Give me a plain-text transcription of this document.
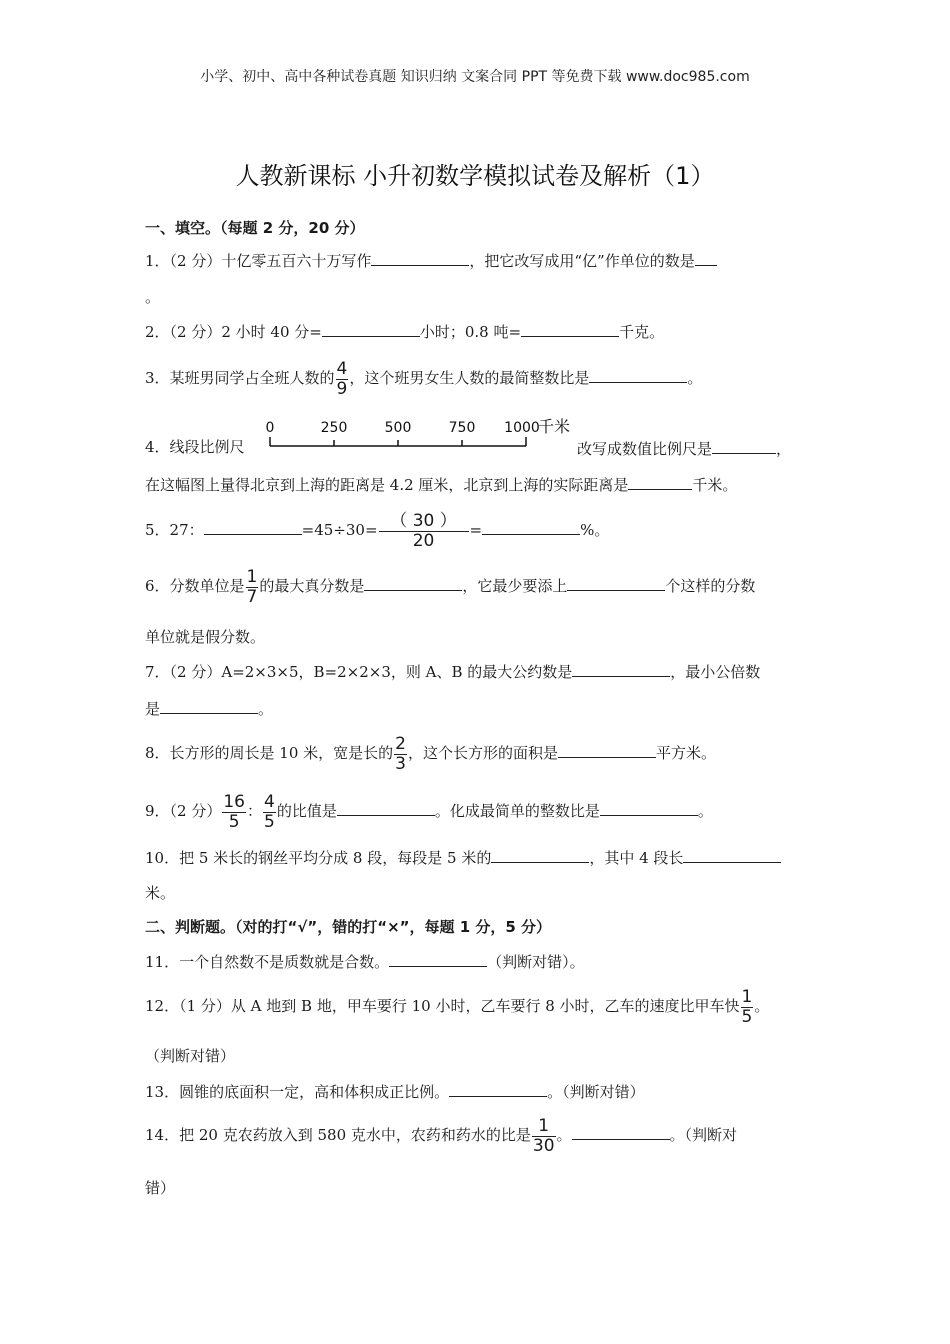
小学、初中、高中各种试卷真题 知识归纳 文案合同 PPT 等免费下载 www.doc985.com
人教新课标 小升初数学模拟试卷及解析（1）
一、填空。（每题 2 分，20 分）
1．（2 分）十亿零五百六十万写作	，把它改写成用“亿”作单位的数是
。
2．（2 分）2 小时 40 分=	小时；0.8 吨=	千克。
3．某班男同学占全班人数的 $\frac{4}{9}$ ，这个班男女生人数的最简整数比是	。
0	250	500	750 1000
千米
4．线段比例尺	改写成数值比例尺是	，
在这幅图上量得北京到上海的距离是 4.2 厘米，北京到上海的实际距离是	千米。
5．27：	$=45\div 30= \frac{( 30 )}{20}$ =	%。
6．分数单位是 $\frac{1}{7}$ 的最大真分数是	，它最少要添上	个这样的分数
单位就是假分数。
7．（2 分）A=2×3×5，B=2×2×3，则 A、B 的最大公约数是	，最小公倍数
是	。
8．长方形的周长是 10 米，宽是长的 $\frac{2}{3}$ ，这个长方形的面积是	平方米。
9．（2 分） $\frac{16}{5}$ ： $\frac{4}{5}$ 的比值是	。化成最简单的整数比是	。
10．把 5 米长的钢丝平均分成 8 段，每段是 5 米的	，其中 4 段长
米。
二、判断题。（对的打“√”，错的打“×”，每题 1 分，5 分）
11．一个自然数不是质数就是合数。	（判断对错）。
12．（1 分）从 A 地到 B 地，甲车要行 10 小时，乙车要行 8 小时，乙车的速度比甲车快 $\frac{1}{5}$ 。
（判断对错）
13．圆锥的底面积一定，高和体积成正比例。	。（判断对错）
14．把 20 克农药放入到 580 克水中，农药和药水的比是 $\frac{1}{30}$ 。	。（判断对
错）
